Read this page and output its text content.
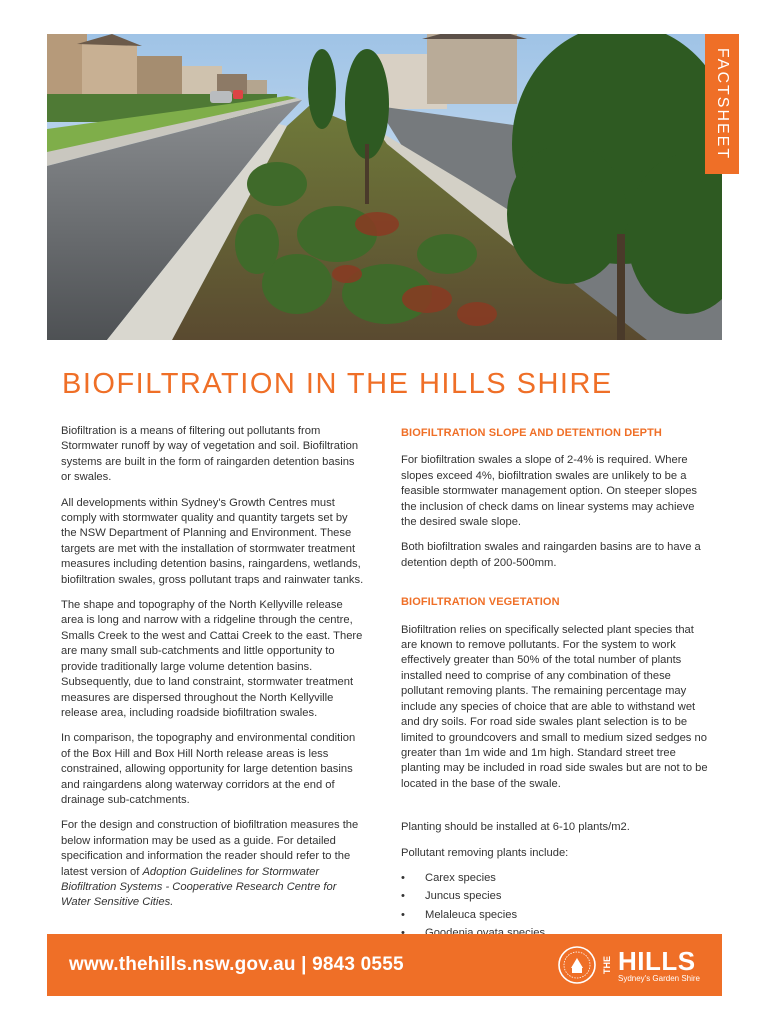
FACTSHEET
BIOFILTRATION IN THE HILLS SHIRE

Biofiltration is a means of filtering out pollutants from Stormwater runoff by way of vegetation and soil. Biofiltration systems are built in the form of raingarden detention basins or swales.

All developments within Sydney's Growth Centres must comply with stormwater quality and quantity targets set by the NSW Department of Planning and Environment. These targets are met with the installation of stormwater treatment measures including detention basins, raingardens, wetlands, biofiltration swales, gross pollutant traps and rainwater tanks.

The shape and topography of the North Kellyville release area is long and narrow with a ridgeline through the centre, Smalls Creek to the west and Cattai Creek to the east. There are many small sub-catchments and little opportunity to provide traditionally large volume detention basins. Subsequently, due to land constraint, stormwater treatment measures are dispersed throughout the North Kellyville release area, including roadside biofiltration swales.

In comparison, the topography and environmental condition of the Box Hill and Box Hill North release areas is less constrained, allowing opportunity for large detention basins and raingardens along waterway corridors at the end of drainage sub-catchments.

For the design and construction of biofiltration measures the below information may be used as a guide. For detailed specification and information the reader should refer to the latest version of Adoption Guidelines for Stormwater Biofiltration Systems - Cooperative Research Centre for Water Sensitive Cities.

BIOFILTRATION SLOPE AND DETENTION DEPTH

For biofiltration swales a slope of 2-4% is required. Where slopes exceed 4%, biofiltration swales are unlikely to be a feasible stormwater management option. On steeper slopes the inclusion of check dams on linear systems may achieve the desired swale slope.

Both biofiltration swales and raingarden basins are to have a detention depth of 200-500mm.

BIOFILTRATION VEGETATION

Biofiltration relies on specifically selected plant species that are known to remove pollutants. For the system to work effectively greater than 50% of the total number of plants installed need to comprise of any combination of these pollutant removing plants. The remaining percentage may include any species of choice that are able to withstand wet and dry soils. For road side swales plant selection is to be limited to groundcovers and small to medium sized sedges no greater than 1m wide and 1m high. Standard street tree planting may be included in road side swales but are not to be located in the base of the swale.

Planting should be installed at 6-10 plants/m2.

Pollutant removing plants include:

• Carex species
• Juncus species
• Melaleuca species
•
www.thehills.nsw.gov.au | 9843 0555	THE HILLS
Sydney's Garden Shire
